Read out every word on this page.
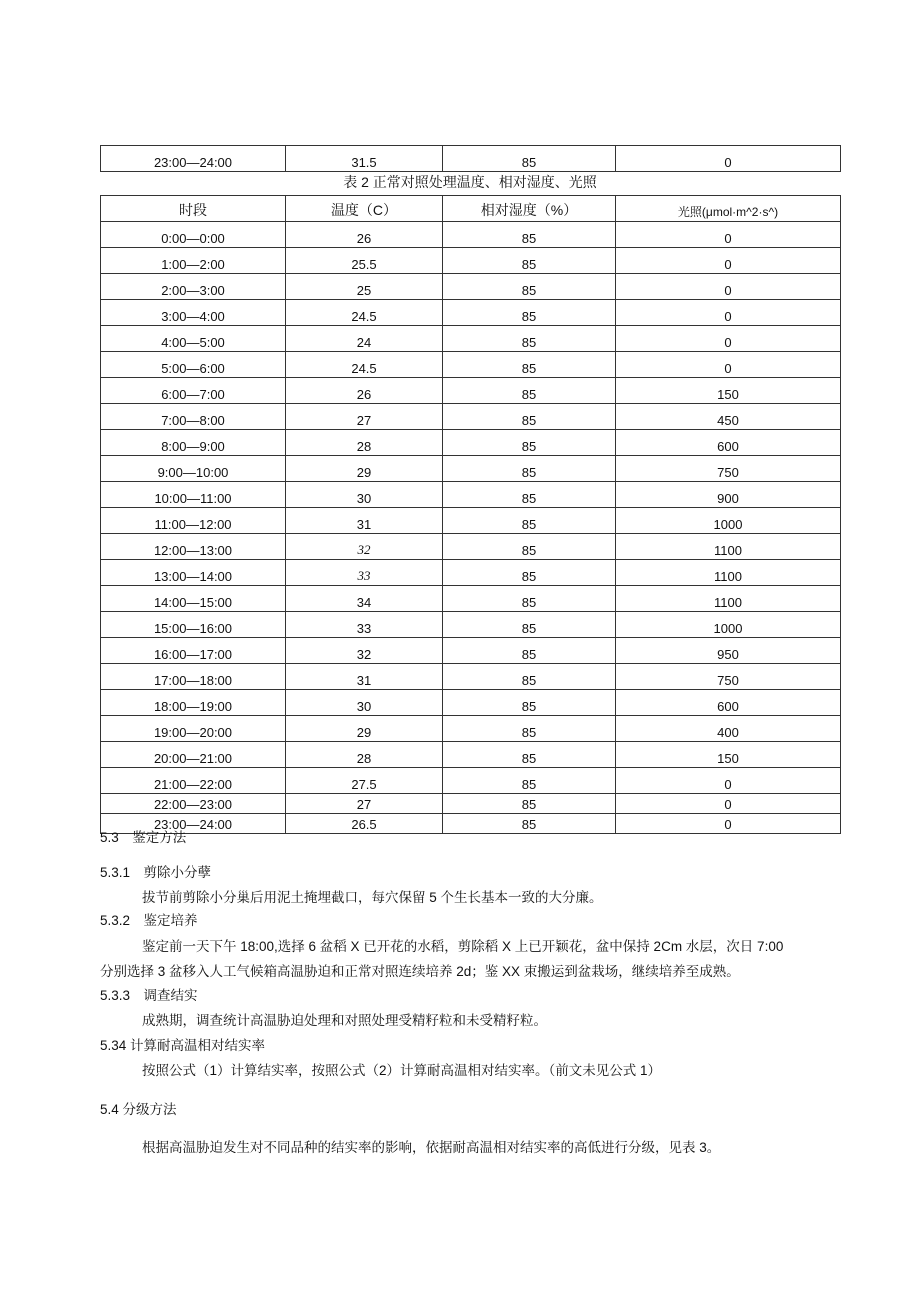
23:00—24:00	31.5	85	0
表 2 正常对照处理温度、相对湿度、光照
时段	温度（C）	相对湿度（%）	光照(μmol·m^2·s^)
0:00—0:00	26	85	0
1:00—2:00	25.5	85	0
2:00—3:00	25	85	0
3:00—4:00	24.5	85	0
4:00—5:00	24	85	0
5:00—6:00	24.5	85	0
6:00—7:00	26	85	150
7:00—8:00	27	85	450
8:00—9:00	28	85	600
9:00—10:00	29	85	750
10:00—11:00	30	85	900
11:00—12:00	31	85	1000
12:00—13:00	32	85	1100
13:00—14:00	33	85	1100
14:00—15:00	34	85	1100
15:00—16:00	33	85	1000
16:00—17:00	32	85	950
17:00—18:00	31	85	750
18:00—19:00	30	85	600
19:00—20:00	29	85	400
20:00—21:00	28	85	150
21:00—22:00	27.5	85	0
22:00—23:00	27	85	0
23:00—24:00	26.5	85	0
5.3　鉴定方法
5.3.1　剪除小分孽
拔节前剪除小分巢后用泥土掩埋截口，每穴保留 5 个生长基本一致的大分廉。
5.3.2　鉴定培养
鉴定前一天下午 18:00,选择 6 盆稻 X 已开花的水稻，剪除稻 X 上已开颖花，盆中保持 2Cm 水层，次日 7:00
分别选择 3 盆移入人工气候箱高温胁迫和正常对照连续培养 2d；鉴 XX 束搬运到盆栽场，继续培养至成熟。
5.3.3　调查结实
成熟期，调查统计高温胁迫处理和对照处理受精籽粒和未受精籽粒。
5.34 计算耐高温相对结实率
按照公式（1）计算结实率，按照公式（2）计算耐高温相对结实率。（前文未见公式 1）
5.4 分级方法
根据高温胁迫发生对不同品种的结实率的影响，依据耐高温相对结实率的高低进行分级，见表 3。
